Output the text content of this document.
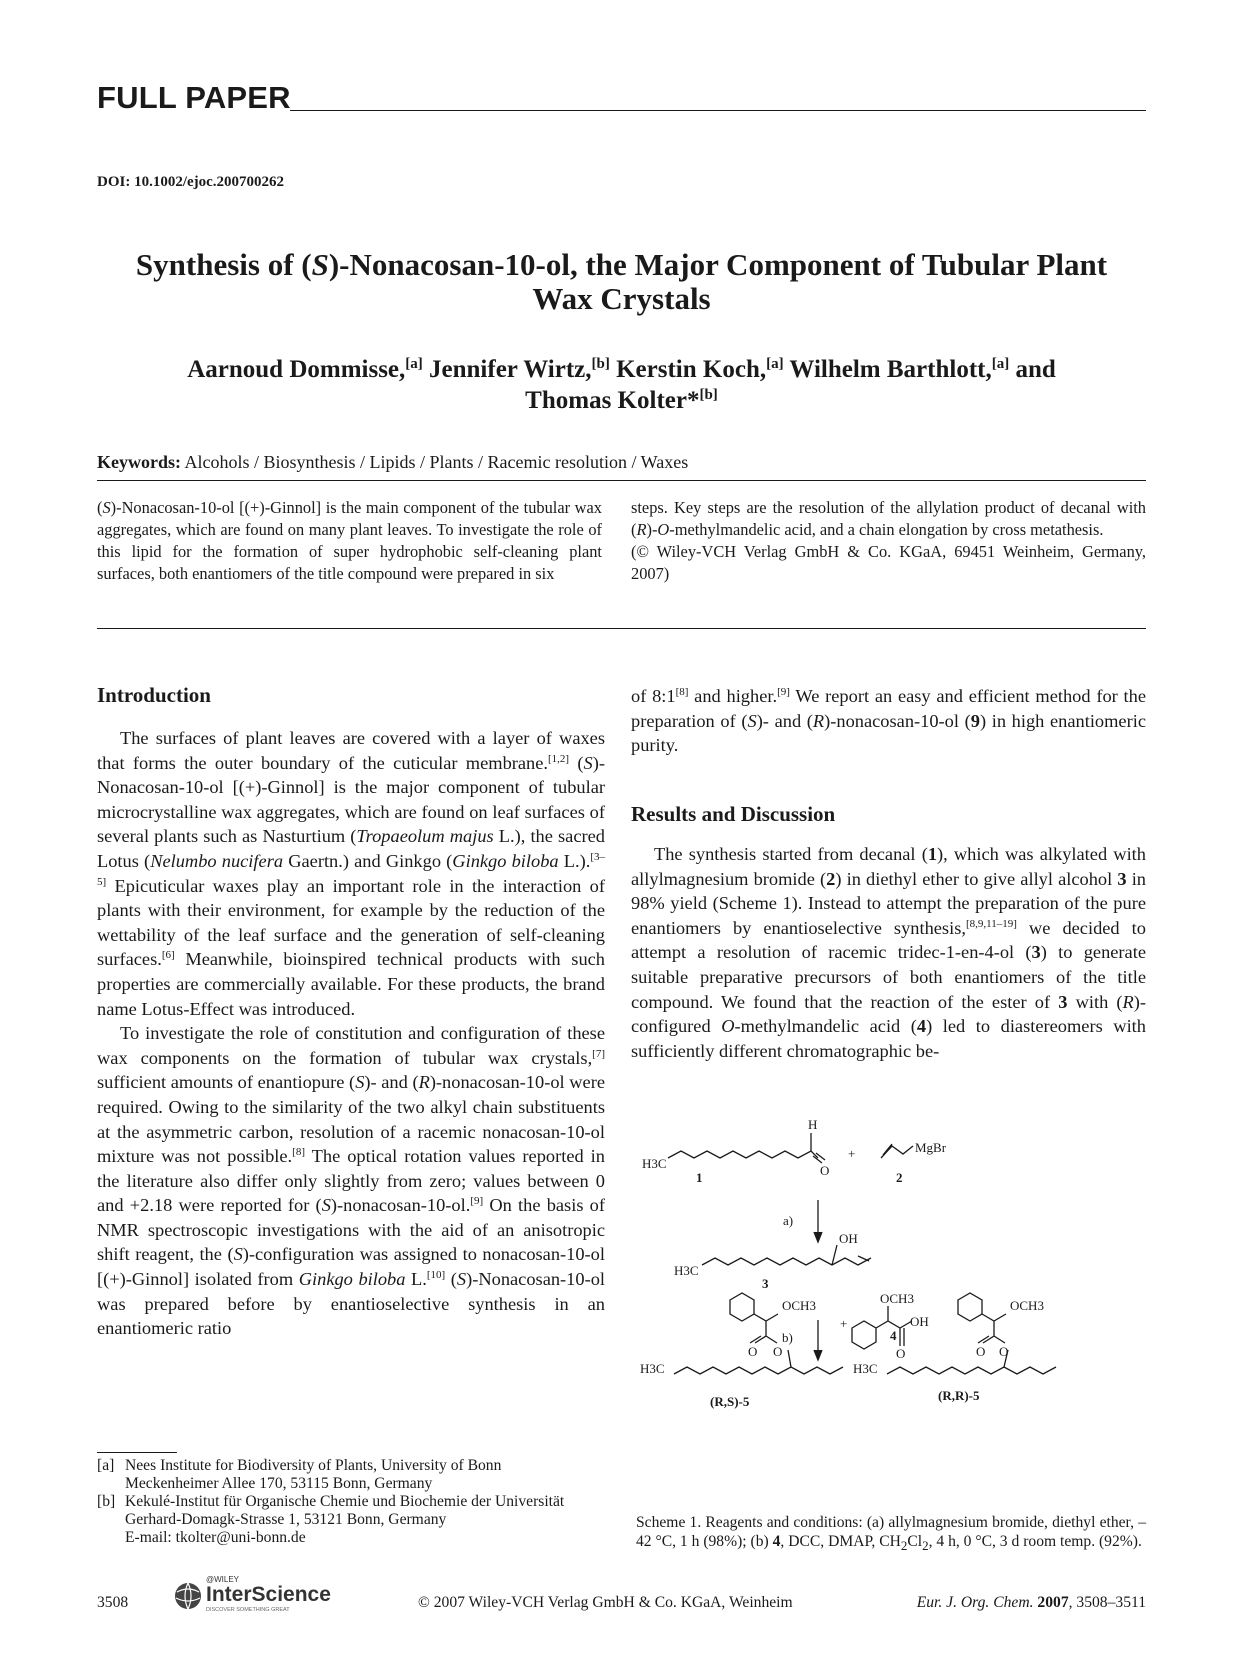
FULL PAPER
DOI: 10.1002/ejoc.200700262
Synthesis of (S)-Nonacosan-10-ol, the Major Component of Tubular Plant
Wax Crystals
Aarnoud Dommisse,[a] Jennifer Wirtz,[b] Kerstin Koch,[a] Wilhelm Barthlott,[a] and
Thomas Kolter*[b]
Keywords: Alcohols / Biosynthesis / Lipids / Plants / Racemic resolution / Waxes

(S)-Nonacosan-10-ol [(+)-Ginnol] is the main component of the tubular wax aggregates, which are found on many plant leaves. To investigate the role of this lipid for the formation of super hydrophobic self-cleaning plant surfaces, both enantiomers of the title compound were prepared in six

steps. Key steps are the resolution of the allylation product of decanal with (R)-O-methylmandelic acid, and a chain elongation by cross metathesis.

(© Wiley-VCH Verlag GmbH & Co. KGaA, 69451 Weinheim, Germany, 2007)

Introduction

The surfaces of plant leaves are covered with a layer of waxes that forms the outer boundary of the cuticular membrane.[1,2] (S)-Nonacosan-10-ol [(+)-Ginnol] is the major component of tubular microcrystalline wax aggregates, which are found on leaf surfaces of several plants such as Nasturtium (Tropaeolum majus L.), the sacred Lotus (Nelumbo nucifera Gaertn.) and Ginkgo (Ginkgo biloba L.).[3–5] Epicuticular waxes play an important role in the interaction of plants with their environment, for example by the reduction of the wettability of the leaf surface and the generation of self-cleaning surfaces.[6] Meanwhile, bioinspired technical products with such properties are commercially available. For these products, the brand name Lotus-Effect was introduced.

To investigate the role of constitution and configuration of these wax components on the formation of tubular wax crystals,[7] sufficient amounts of enantiopure (S)- and (R)-nonacosan-10-ol were required. Owing to the similarity of the two alkyl chain substituents at the asymmetric carbon, resolution of a racemic nonacosan-10-ol mixture was not possible.[8] The optical rotation values reported in the literature also differ only slightly from zero; values between 0 and +2.18 were reported for (S)-nonacosan-10-ol.[9] On the basis of NMR spectroscopic investigations with the aid of an anisotropic shift reagent, the (S)-configuration was assigned to nonacosan-10-ol [(+)-Ginnol] isolated from Ginkgo biloba L.[10] (S)-Nonacosan-10-ol was prepared before by enantioselective synthesis in an enantiomeric ratio

of 8:1[8] and higher.[9] We report an easy and efficient method for the preparation of (S)- and (R)-nonacosan-10-ol (9) in high enantiomeric purity.

Results and Discussion

The synthesis started from decanal (1), which was alkylated with allylmagnesium bromide (2) in diethyl ether to give allyl alcohol 3 in 98% yield (Scheme 1). Instead to attempt the preparation of the pure enantiomers by enantioselective synthesis,[8,9,11–19] we decided to attempt a resolution of racemic tridec-1-en-4-ol (3) to generate suitable preparative precursors of both enantiomers of the title compound. We found that the reaction of the ester of 3 with (R)-configured O-methylmandelic acid (4) led to diastereomers with sufficiently different chromatographic be-

H
O
H3C
+	MgBr
1	2
a)
OH
H3C
3
b)
OCH3
OH
4
O
OCH3
O O
H3C
+
OCH3
O O
H3C
(R,S)-5	(R,R)-5

Scheme 1. Reagents and conditions: (a) allylmagnesium bromide, diethyl ether, –42 °C, 1 h (98%); (b) 4, DCC, DMAP, $CH_2Cl_2$, 4 h, 0 °C, 3 d room temp. (92%).

[a] Nees Institute for Biodiversity of Plants, University of Bonn
Meckenheimer Allee 170, 53115 Bonn, Germany
[b] Kekulé-Institut für Organische Chemie und Biochemie der Universität
Gerhard-Domagk-Strasse 1, 53121 Bonn, Germany
E-mail: tkolter@uni-bonn.de
3508
@WILEY
InterScience
DISCOVER SOMETHING GREAT	© 2007 Wiley-VCH Verlag GmbH & Co. KGaA, Weinheim	Eur. J. Org. Chem. 2007, 3508–3511
